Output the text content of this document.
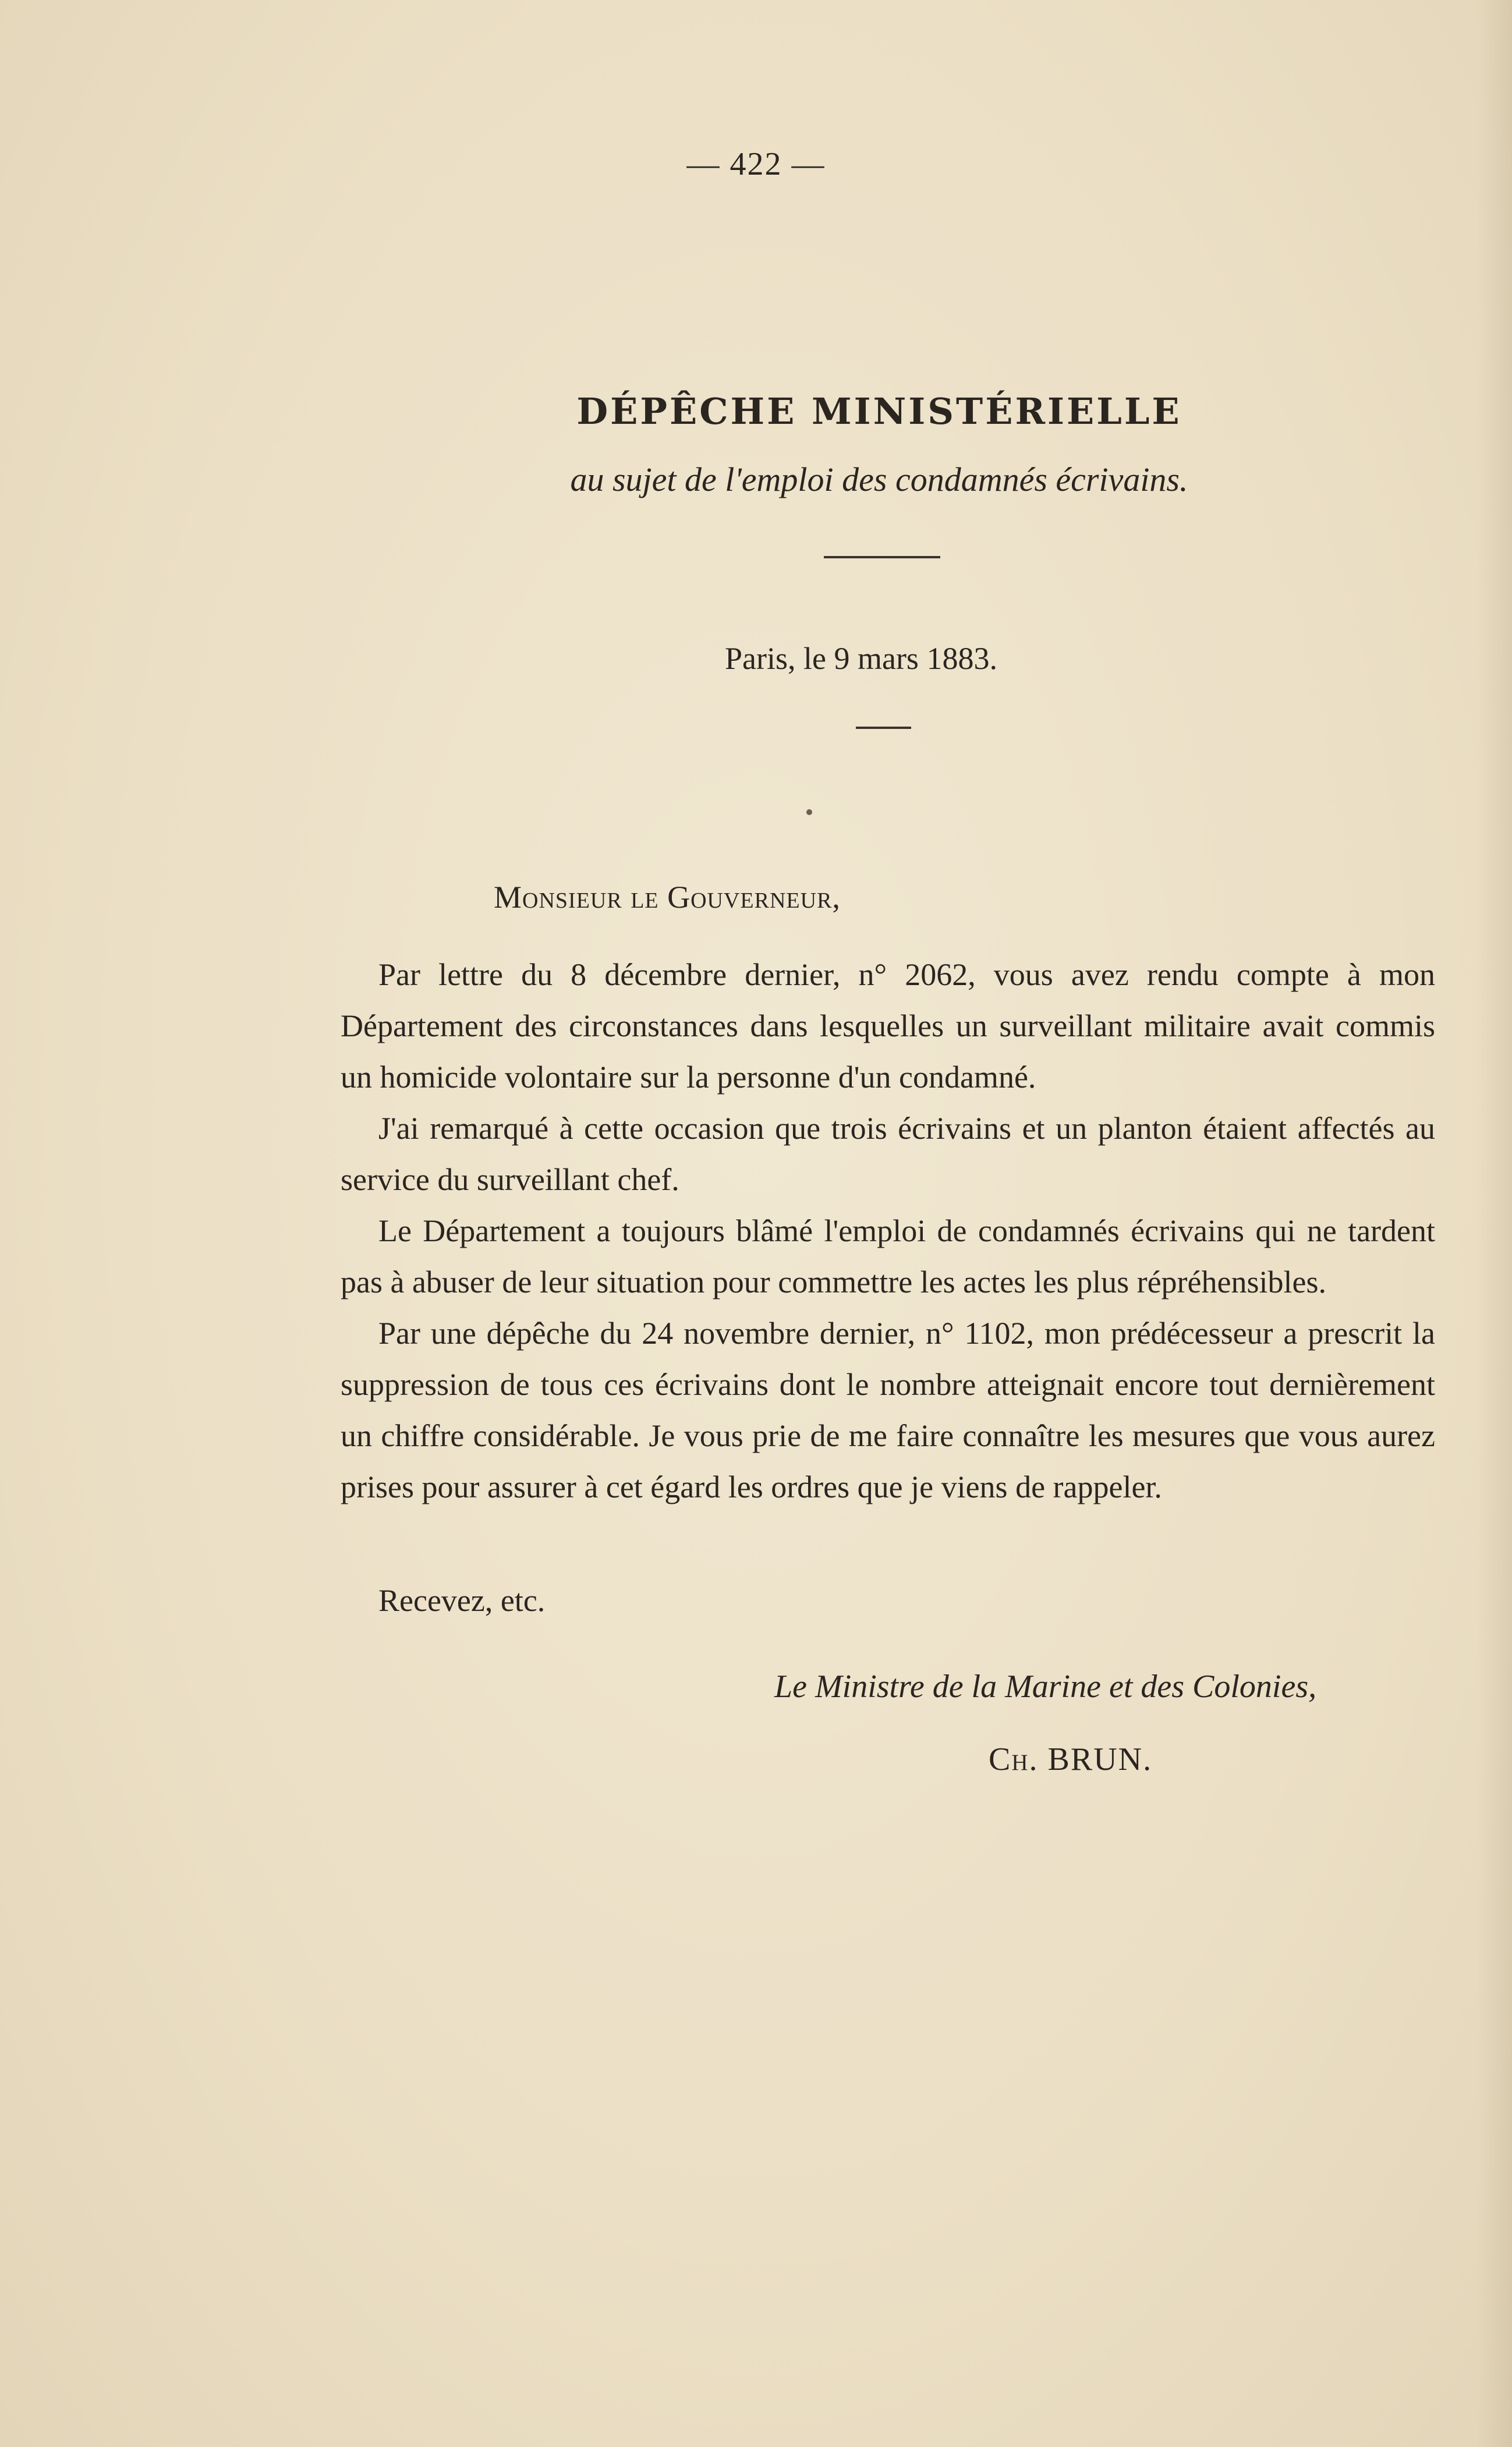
— 422 —
DÉPÊCHE MINISTÉRIELLE
au sujet de l'emploi des condamnés écrivains.
Paris, le 9 mars 1883.
Monsieur le Gouverneur,

Par lettre du 8 décembre dernier, n° 2062, vous avez rendu compte à mon Département des circonstances dans lesquelles un surveillant militaire avait commis un homicide volontaire sur la personne d'un condamné.

J'ai remarqué à cette occasion que trois écrivains et un planton étaient affectés au service du surveillant chef.

Le Département a toujours blâmé l'emploi de condamnés écrivains qui ne tardent pas à abuser de leur situation pour commettre les actes les plus répréhensibles.

Par une dépêche du 24 novembre dernier, n° 1102, mon prédécesseur a prescrit la suppression de tous ces écrivains dont le nombre atteignait encore tout dernièrement un chiffre considérable. Je vous prie de me faire connaître les mesures que vous aurez prises pour assurer à cet égard les ordres que je viens de rappeler.

Recevez, etc.
Le Ministre de la Marine et des Colonies,
Ch. BRUN.
